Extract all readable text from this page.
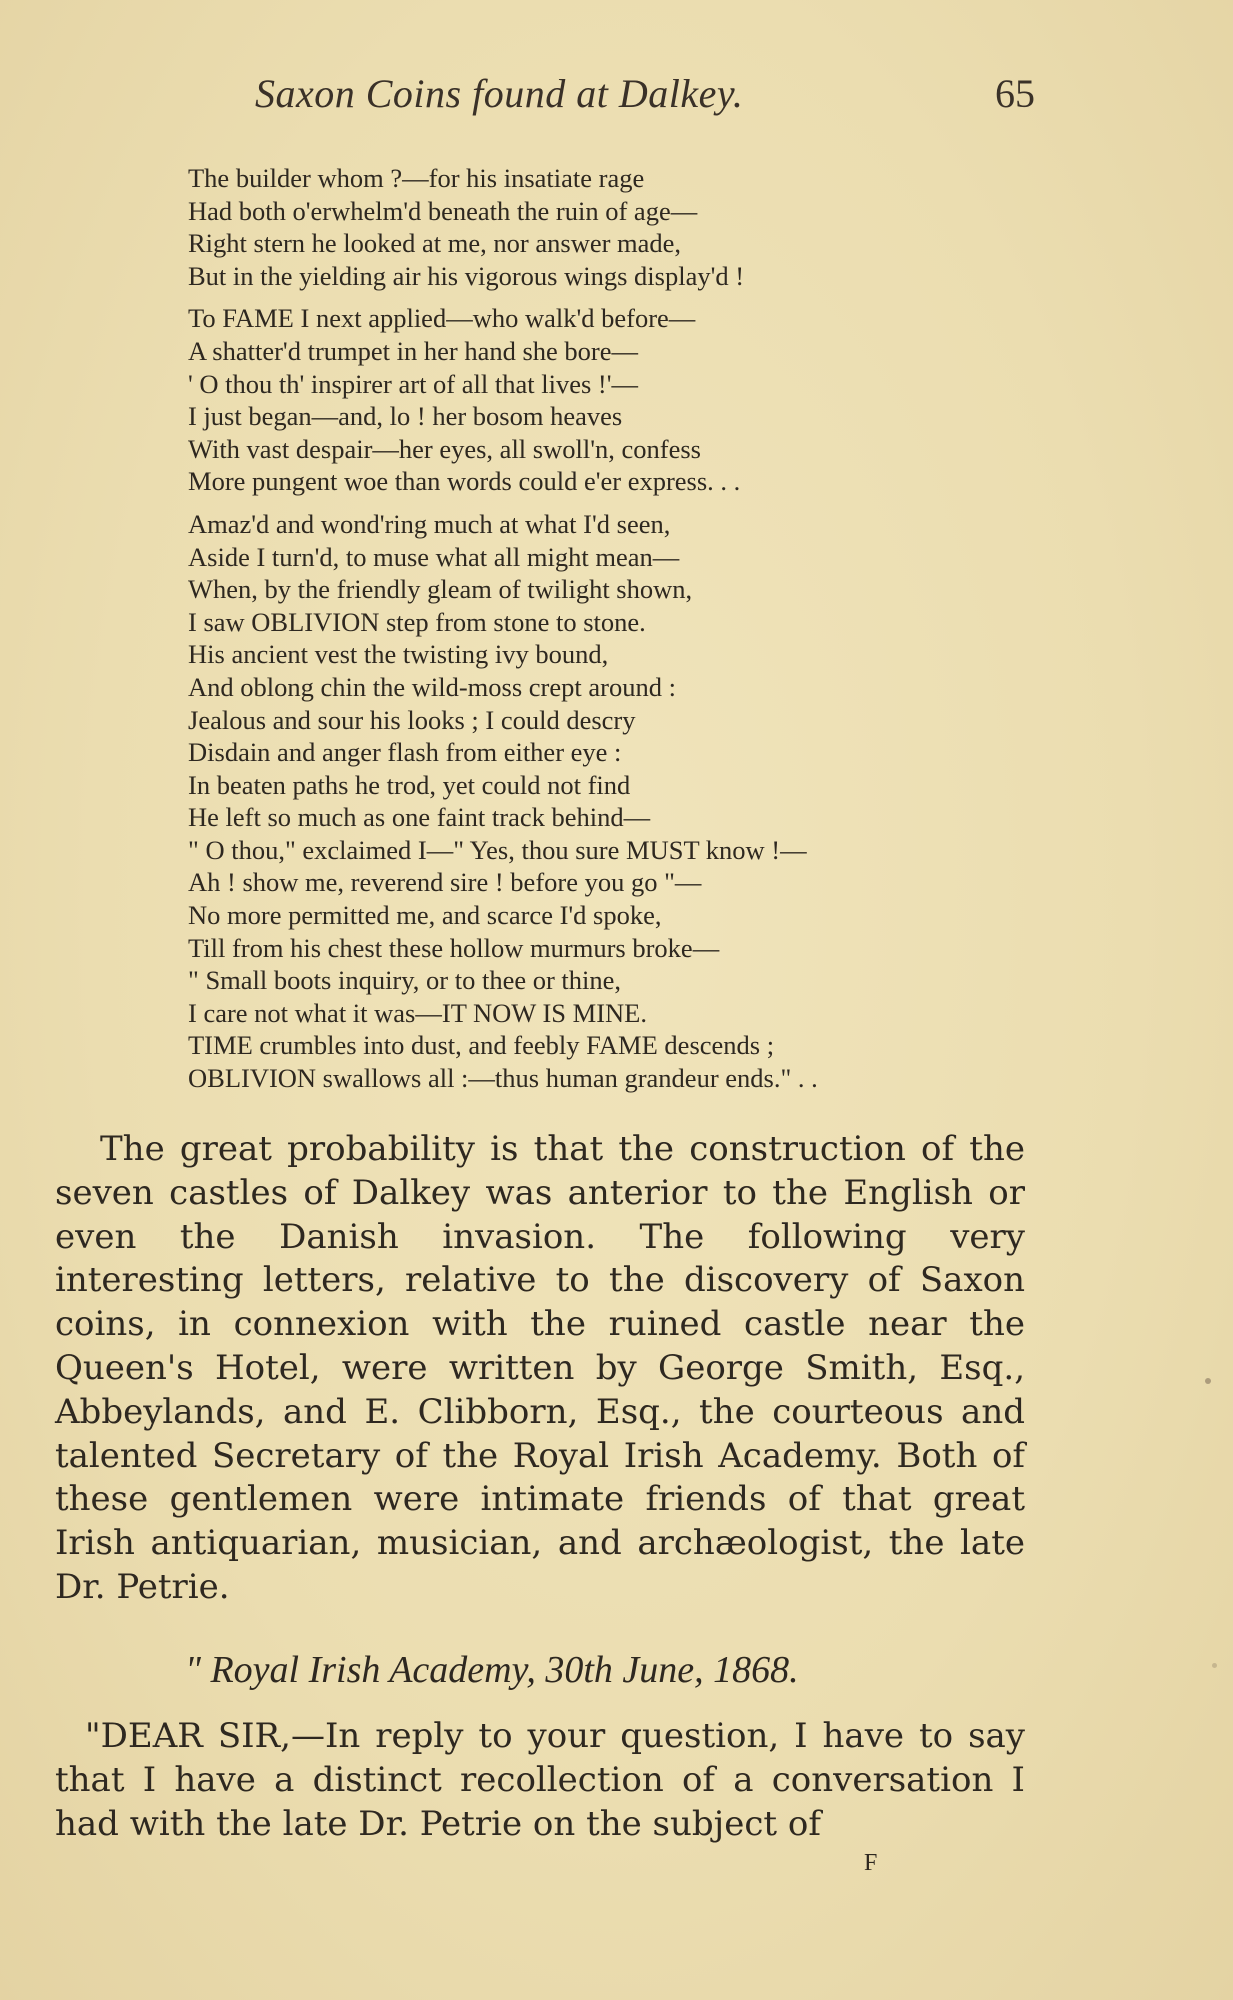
Saxon Coins found at Dalkey.	65
The builder whom ?—for his insatiate rage
Had both o'erwhelm'd beneath the ruin of age—
Right stern he looked at me, nor answer made,
But in the yielding air his vigorous wings display'd !
To FAME I next applied—who walk'd before—
A shatter'd trumpet in her hand she bore—
' O thou th' inspirer art of all that lives !'—
I just began—and, lo ! her bosom heaves
With vast despair—her eyes, all swoll'n, confess
More pungent woe than words could e'er express. . .
Amaz'd and wond'ring much at what I'd seen,
Aside I turn'd, to muse what all might mean—
When, by the friendly gleam of twilight shown,
I saw OBLIVION step from stone to stone.
His ancient vest the twisting ivy bound,
And oblong chin the wild-moss crept around :
Jealous and sour his looks ; I could descry
Disdain and anger flash from either eye :
In beaten paths he trod, yet could not find
He left so much as one faint track behind—
" O thou," exclaimed I—" Yes, thou sure MUST know !—
Ah ! show me, reverend sire ! before you go "—
No more permitted me, and scarce I'd spoke,
Till from his chest these hollow murmurs broke—
" Small boots inquiry, or to thee or thine,
I care not what it was—IT NOW IS MINE.
TIME crumbles into dust, and feebly FAME descends ;
OBLIVION swallows all :—thus human grandeur ends." . .

The great probability is that the construction of the seven castles of Dalkey was anterior to the English or even the Danish invasion. The following very interesting letters, relative to the discovery of Saxon coins, in connexion with the ruined castle near the Queen's Hotel, were written by George Smith, Esq., Abbeylands, and E. Clibborn, Esq., the courteous and talented Secretary of the Royal Irish Academy. Both of these gentlemen were intimate friends of that great Irish antiquarian, musician, and archæologist, the late Dr. Petrie.

" Royal Irish Academy, 30th June, 1868.

"DEAR SIR,—In reply to your question, I have to say that I have a distinct recollection of a conversation I had with the late Dr. Petrie on the subject of

F
